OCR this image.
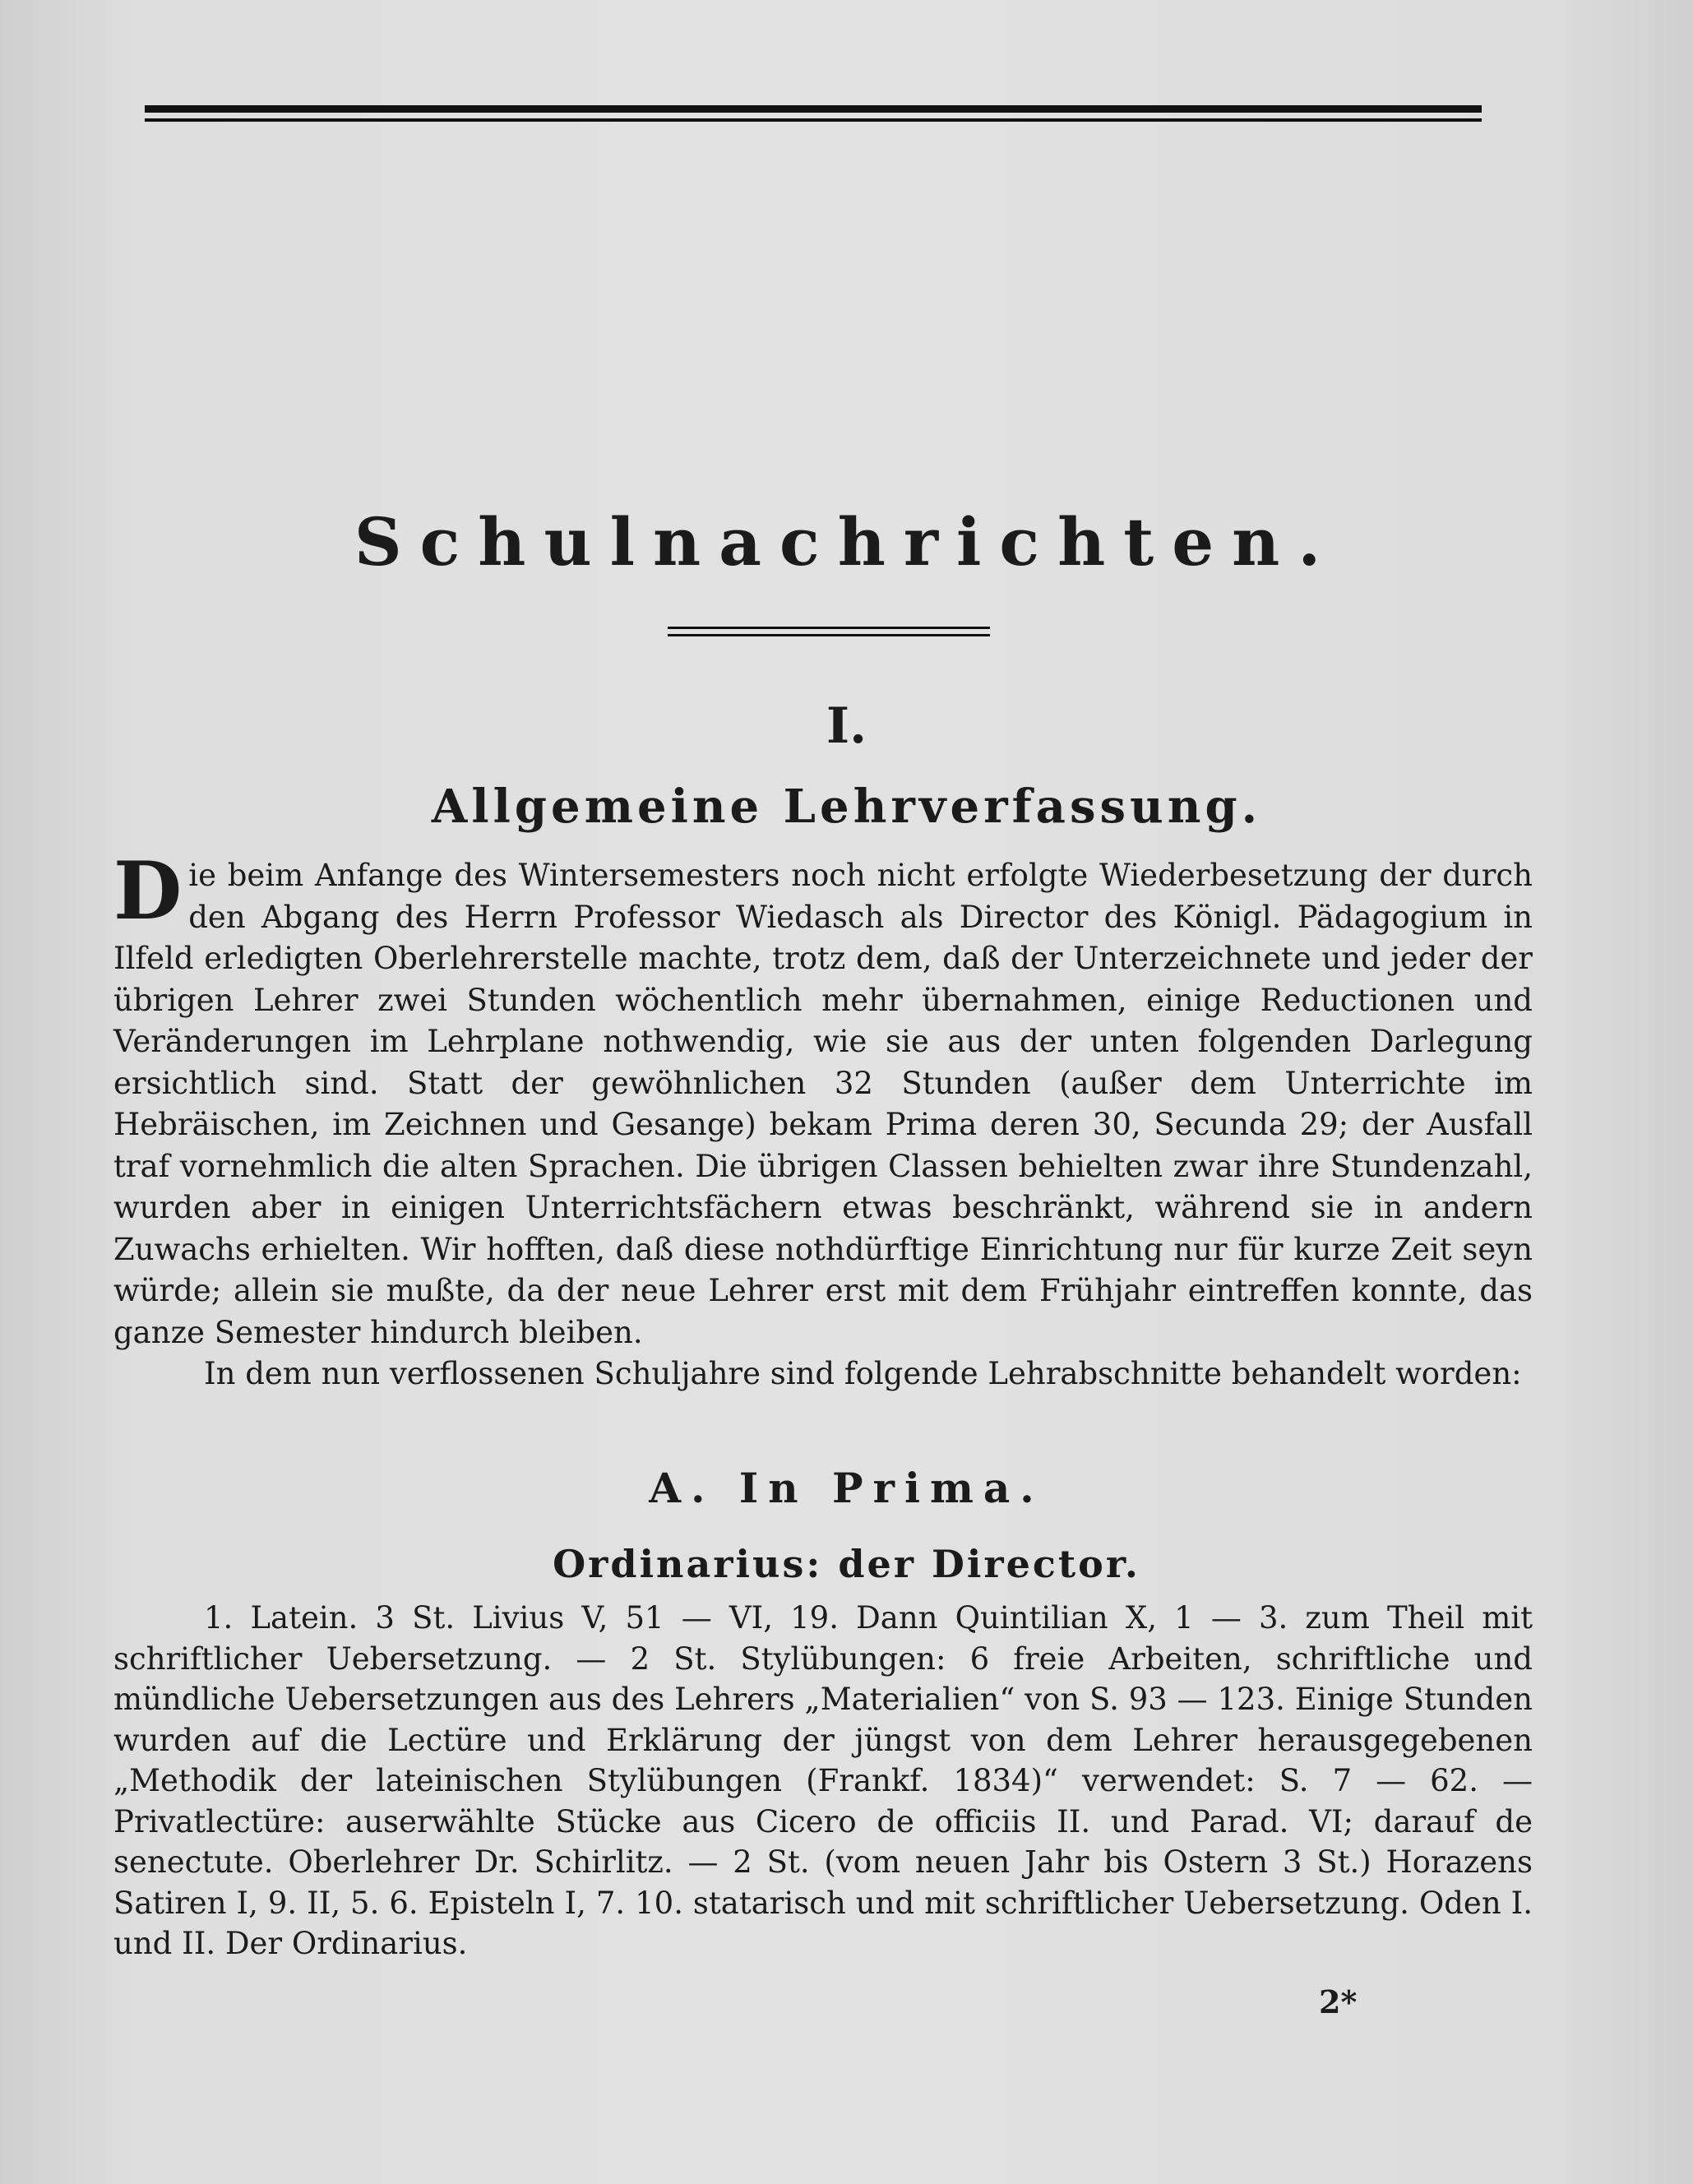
Schulnachrichten.
I.
Allgemeine Lehrverfassung.

Die beim Anfange des Wintersemesters noch nicht erfolgte Wiederbesetzung der durch den Abgang des Herrn Professor Wiedasch als Director des Königl. Pädagogium in Ilfeld erledigten Oberlehrerstelle machte, trotz dem, daß der Unterzeichnete und jeder der übrigen Lehrer zwei Stunden wöchentlich mehr übernahmen, einige Reductionen und Veränderungen im Lehrplane nothwendig, wie sie aus der unten folgenden Darlegung ersichtlich sind. Statt der gewöhnlichen 32 Stunden (außer dem Unterrichte im Hebräischen, im Zeichnen und Gesange) bekam Prima deren 30, Secunda 29; der Ausfall traf vornehmlich die alten Sprachen. Die übrigen Classen behielten zwar ihre Stundenzahl, wurden aber in einigen Unterrichtsfächern etwas beschränkt, während sie in andern Zuwachs erhielten. Wir hofften, daß diese nothdürftige Einrichtung nur für kurze Zeit seyn würde; allein sie mußte, da der neue Lehrer erst mit dem Frühjahr eintreffen konnte, das ganze Semester hindurch bleiben.

In dem nun verflossenen Schuljahre sind folgende Lehrabschnitte behandelt worden:

A. In Prima.
Ordinarius: der Director.

1. Latein. 3 St. Livius V, 51 — VI, 19. Dann Quintilian X, 1 — 3. zum Theil mit schriftlicher Uebersetzung. — 2 St. Stylübungen: 6 freie Arbeiten, schriftliche und mündliche Uebersetzungen aus des Lehrers „Materialien“ von S. 93 — 123. Einige Stunden wurden auf die Lectüre und Erklärung der jüngst von dem Lehrer herausgegebenen „Methodik der lateinischen Stylübungen (Frankf. 1834)“ verwendet: S. 7 — 62. — Privatlectüre: auserwählte Stücke aus Cicero de officiis II. und Parad. VI; darauf de senectute. Oberlehrer Dr. Schirlitz. — 2 St. (vom neuen Jahr bis Ostern 3 St.) Horazens Satiren I, 9. II, 5. 6. Episteln I, 7. 10. statarisch und mit schriftlicher Uebersetzung. Oden I. und II. Der Ordinarius.

2*
